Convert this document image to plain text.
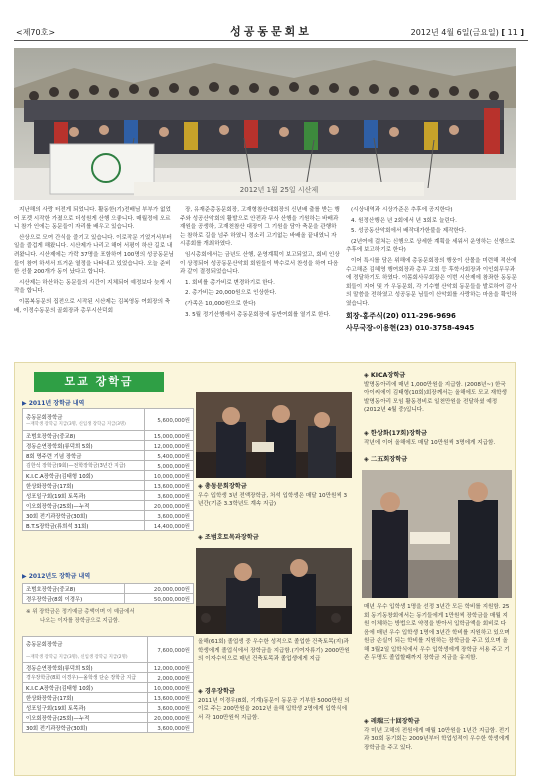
<제70호>	성공동문회보	2012년 4월 6일(금요일) [ 11 ]
2012년 1월 25일 시산제

지난해의 사랑 터전게 되었니다. 활동한(기)전배님 부부가 없었어 포켓 시작한 가졌으로 더성원게 산행 으좋니다. 매월정에 오르니 참가 인에는 동문들이 자리를 배우고 있습니다.

산상으로 모여 간식을 즐기고 있습니다. 이로작문 기었거서부터 일을 즐겁게 해왔니다. 시산제가 나리고 해어 서평이 하산 길로 내려왔니다. 시산제에는 가락 37명을 포함하여 100명의 성공동문님들이 참여 하셔서 뜨거운 열정을 나타내고 있었습니다. 오늘 준비한 선물 200개가 동이 났다고 합니다.

시산제는 하산하는 동문들의 시간이 지체되어 예정보다 늦게 시작을 합니다.

이몸복동문의 집전으로 시작된 시산제는 김복영동 여회장의 축배, 이정수동문의 골회장과 총무시산덕회

장, 유재준총동문회장, 고재형참산대회장의 신년배 출를 받는 행주와 성공산악회의 활발으로 안전과 무사 산행을 기원하는 바배과 재원을 공생하, 고재천참산 대장이 그 기원을 담아 축문을 관행하는 참하로 길을 넘주 하였니 정소리 고기없는 바배올 끝내였니 자 시종회를 개최하였다.

임시총회에서는 금년도 산행, 운영계획이 보고되었고, 회비 인상이 상정되어 성공동문산악회 회원들이 박수로서 찬성을 하여 다음과 같이 결정되었습니다.

1. 회비를 총가비로 변경하기로 한다.

2. 총가비는 20,000원으로 인상한다.

(가족은 10,000원으로 한다)

3. 5월 정기산행에서 총동문회장에 동반여회를 열기로 한다.

(시상내역과 시상가준은 추후에 공지한다)

4. 원정산행은 년 2회에서 년 3회로 늘린다.

5. 성공동산악회에서 배작대가한불을 제작한다.

(2년여에 걸쳐는 신행으로 상세한 계획을 세워서 운영하는 신행으로 추후에 보고하기로 한다)

이어 특시를 담은 위해에 총동문회장의 행웅이 산몰을 미련해 적산에 수고해준 김혜영 행여회장과 총무 고회 등 후학사회장과 이인회무무과에 정달하기도 하였다. 이몸회사무회장은 이번 시산제에 참좌한 동동문회들이 지어 및 가 우동문회, 각 기수별 산악회 동문들을 발로하여 감사의 말씀을 전하였고 성공동문 님들이 산악회를 사랑하는 마음을 확인하였습니다.

회장-홍주식(20) 011-296-9696

사무국장-이용현(23) 010-3758-4945

모교 장학금
▶ 2011년 장학금 내역
총동문회장학금
—재학생 장학금 지급(3명, 신입생 장학금 지급(3명)	5,600,000원
조범호장학금(중교8)	15,000,000원
경동순연장학회(류덕희 5회)	12,000,000원
8회 명주련 기념 장학금	5,400,000원
김한석 장학금(9회)—전학장학금(3년간 지급)	5,000,000원
K.I.C.A장학금(김태형 10회)	10,000,000원
한상화장학금(17회)	13,600,000원
성포일구회(19회 토목과)	3,600,000원
이오회장학금(25회)—누적	20,000,000원
30회 전기과장학금(30회)	3,600,000원
B.T.S장학금(류희석 31회)	14,400,000원
▶ 2012년도 장학금 내역
조범호장학금(중교8)	20,000,000원
경우장학금(8회 이경우)	50,000,000원
※ 위 장학금은 정기예금 총액이며 이 예금에서
나오는 이자를 장학금으로 지급함.
총동문회장학금

—재학생 장학금 지급(3명), 신입생 장학금 지급(2명)	7,600,000원
경동순연장학회(류덕희 5회)	12,000,000원
경우장학금(8회 이경우)—올학생 단순 장학금 지급	2,000,000원
K.I.C.A장학금(김태형 10회)	10,000,000원
한상화장학금(17회)	13,600,000원
성포일구회(19회 토목과)	3,600,000원
이오회장학금(25회)—누적	20,000,000원
30회 전기과장학금(30회)	3,600,000원
◈ 총동문회장학금
우수 입학생 3년 전액장학금, 처석 입학생은 매달 10만원씩 3년간(기준 3.3학년도 계속 지급)
◈ 조범호토목과장학금
올해(61회) 졸업생 중 우수한 성적으로 졸업한 건축토목(지)과 학생에게 졸업식에서 장학금을 지급함.(기여자류기) 2000만원의 이자수익으로 매년 건축토목과 졸업생에게 지급
◈ 경우장학금
2011년 이경우(8회, 기계)동문이 동문공 기부한 5000만원 의 이로 주는 200만원을 2012년 올해 입학생 2명에게 입학식에서 각 100만원씩 지급함.
◈ KICA장학금
발명동아리에 매년 1,000만원을 지급함. (2008년~) 한국아이씨에이 김태형(10회)회장께서는 올해에도 모교 재학생 발명동아리 모임 활동경비로 일천만원을 전달하셨 예정(2012년 4월 중)입니다.
◈ 한상화(17회)장학금
작년에 이어 올해에도 매달 10만원씩 3명에게 지급함.
◈ 二五회장학금
매년 우수 입학생 1명을 선정 3년간 모든 학비를 지원함. 25회 동기동창회에서는 동기들에게 1만원씩 장학금을 매월 지원 이체하는 방법으로 약정을 받아서 입학금액을 회비로 다음에 매년 우수 입학생 1명에 3년간 학비를 지원하고 있으며 원금 손실이 되는 학비를 지원하는 장학금을 주고 있으며 올해 3월2일 입학식에서 우수 입학생에게 장학금 서용 주고 기존 두명도 졸업할때까지 장학금 지금을 유지함.
◈ 레瑞三十回장학금
각 미년 고해의 전원에게 매월 10만원을 1년간 지급함. 전기과 30회 동기회는 2009년부터 학업성적이 우수한 학생에게 장학금을 주고 있다.
